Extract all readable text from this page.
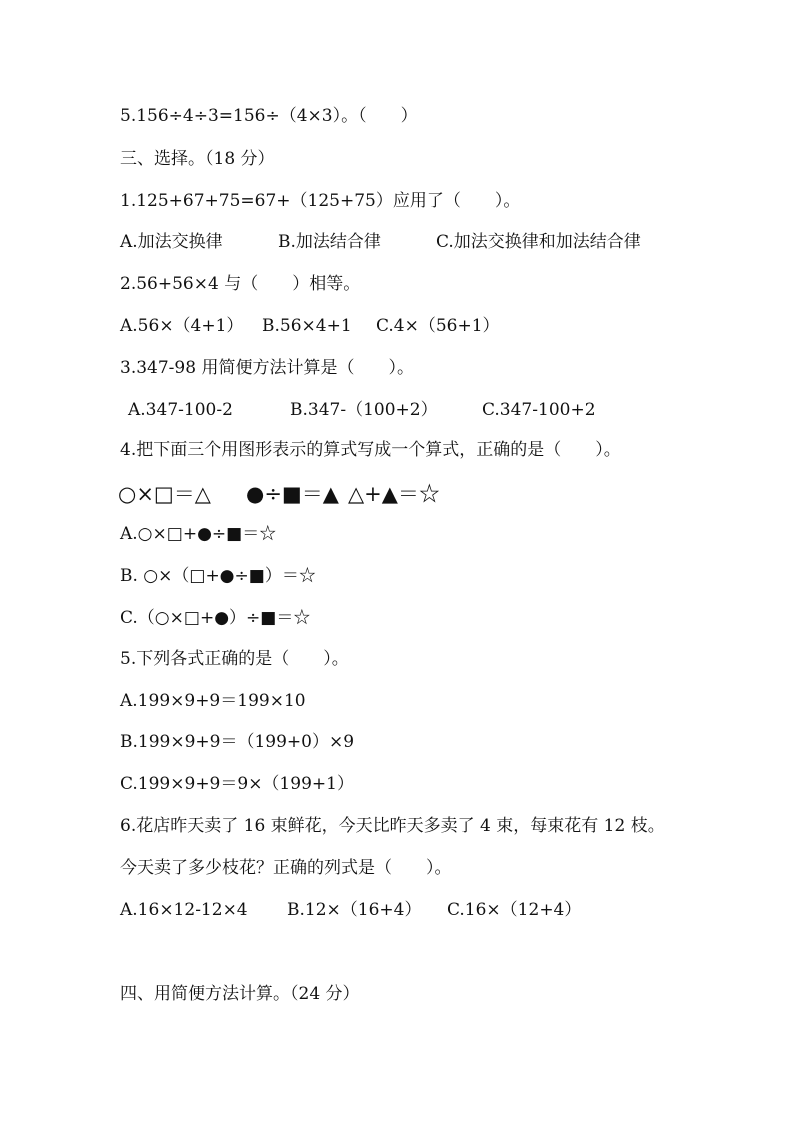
5.156÷4÷3=156÷（4×3）。（　　）
三、选择。（18 分）
1.125+67+75=67+（125+75）应用了（　　）。
A.加法交换律	B.加法结合律	C.加法交换律和加法结合律
2.56+56×4 与（　　）相等。
A.56×（4+1） B.56×4+1 C.4×（56+1）
3.347-98 用简便方法计算是（　　）。
A.347-100-2	B.347-（100+2）	C.347-100+2
4.把下面三个用图形表示的算式写成一个算式，正确的是（　　）。

○×□＝△

●÷■＝▲

△+▲＝☆

A.○×□+●÷■＝☆
B. ○×（□+●÷■）＝☆
C.（○×□+●）÷■＝☆
5.下列各式正确的是（　　）。
A.199×9+9＝199×10
B.199×9+9＝（199+0）×9
C.199×9+9＝9×（199+1）
6.花店昨天卖了 16 束鲜花，今天比昨天多卖了 4 束，每束花有 12 枝。
今天卖了多少枝花？正确的列式是（　　）。
A.16×12-12×4 B.12×（16+4） C.16×（12+4）
四、用简便方法计算。（24 分）
